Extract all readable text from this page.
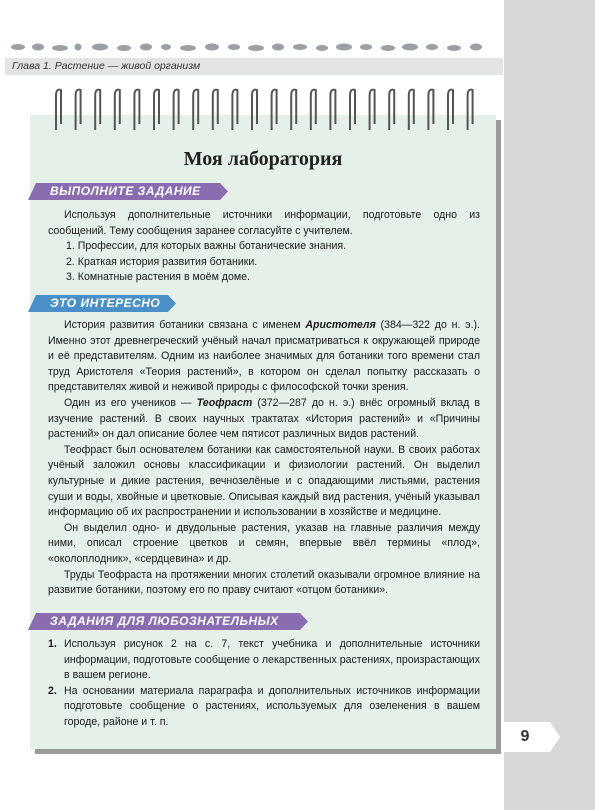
Глава 1. Растение — живой организм
Моя лаборатория
ВЫПОЛНИТЕ ЗАДАНИЕ

Используя дополнительные источники информации, подготовьте одно из сообщений. Тему сообщения заранее согласуйте с учителем.

1. Профессии, для которых важны ботанические знания.
2. Краткая история развития ботаники.
3. Комнатные растения в моём доме.
ЭТО ИНТЕРЕСНО

История развития ботаники связана с именем Аристотеля (384—322 до н. э.). Именно этот древнегреческий учёный начал присматриваться к окружающей природе и её представителям. Одним из наиболее значимых для ботаники того времени стал труд Аристотеля «Теория растений», в котором он сделал попытку рассказать о представителях живой и неживой природы с философской точки зрения.

Один из его учеников — Теофраст (372—287 до н. э.) внёс огромный вклад в изучение растений. В своих научных трактатах «История растений» и «Причины растений» он дал описание более чем пятисот различных видов растений.

Теофраст был основателем ботаники как самостоятельной науки. В своих работах учёный заложил основы классификации и физиологии растений. Он выделил культурные и дикие растения, вечнозелёные и с опадающими листьями, растения суши и воды, хвойные и цветковые. Описывая каждый вид растения, учёный указывал информацию об их распространении и использовании в хозяйстве и медицине.

Он выделил одно- и двудольные растения, указав на главные различия между ними, описал строение цветков и семян, впервые ввёл термины «плод», «околоплодник», «сердцевина» и др.

Труды Теофраста на протяжении многих столетий оказывали огромное влияние на развитие ботаники, поэтому его по праву считают «отцом ботаники».

ЗАДАНИЯ ДЛЯ ЛЮБОЗНАТЕЛЬНЫХ
1. Используя рисунок 2 на с. 7, текст учебника и дополнительные источники информации, подготовьте сообщение о лекарственных растениях, произрастающих в вашем регионе.
2. На основании материала параграфа и дополнительных источников информации подготовьте сообщение о растениях, используемых для озеленения в вашем городе, районе и т. п.
9
